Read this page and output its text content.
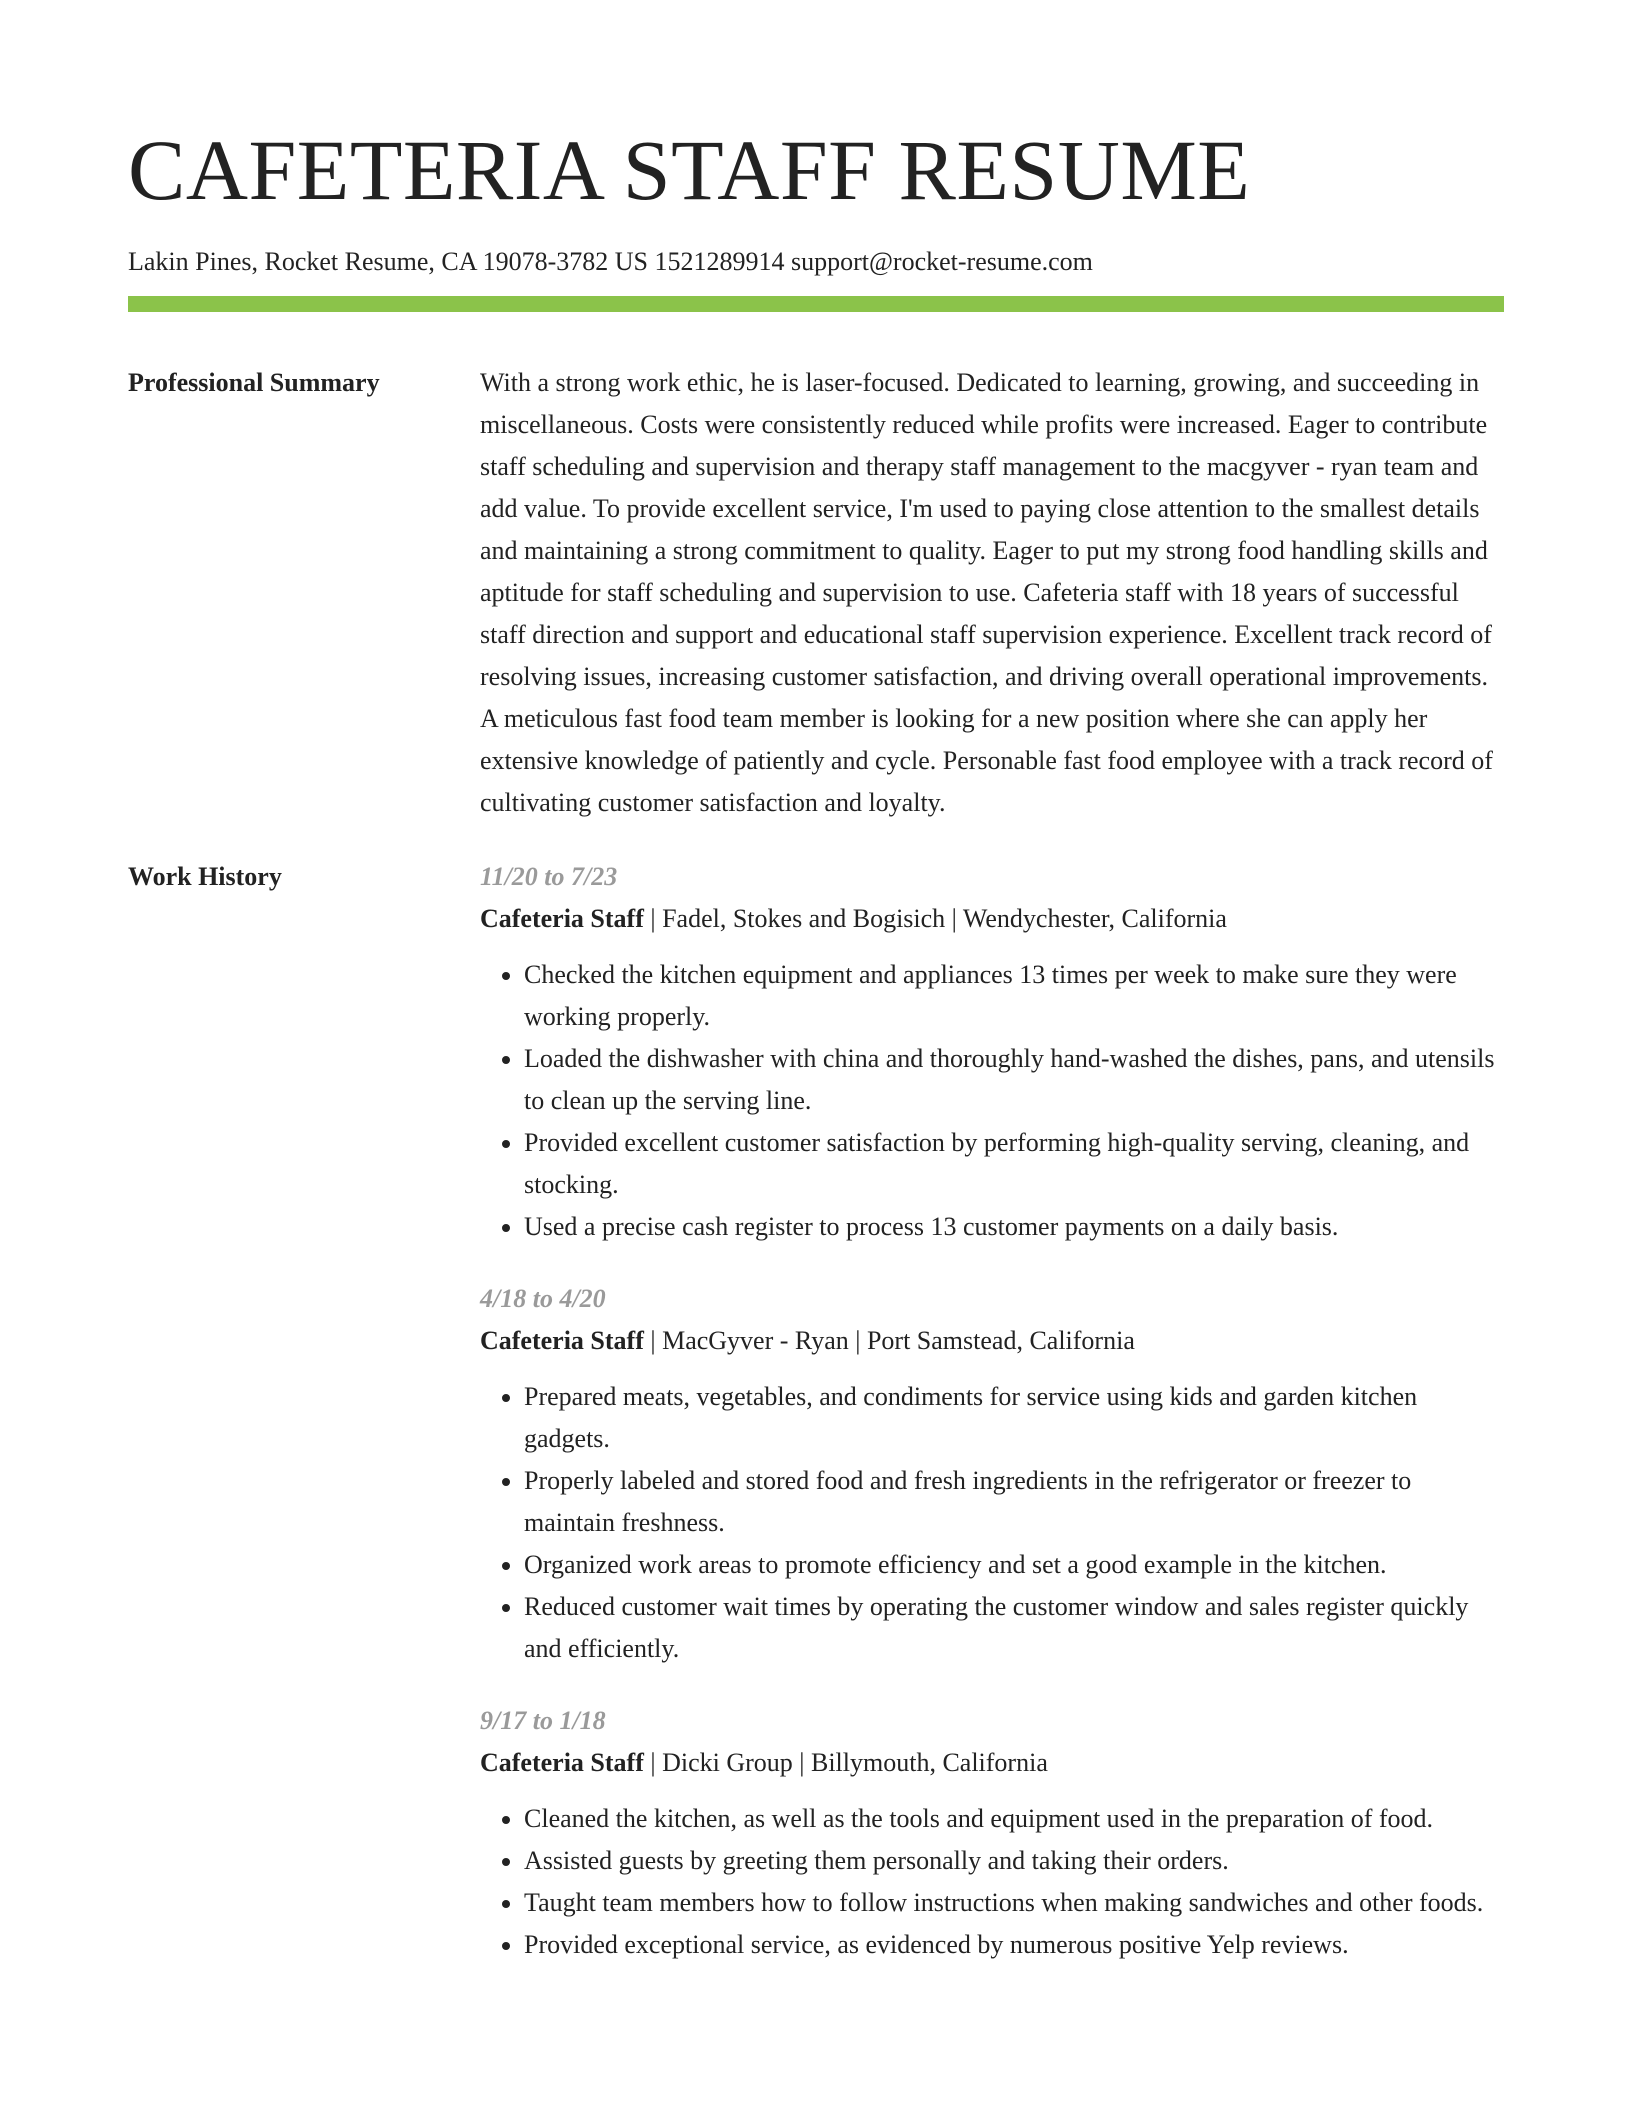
CAFETERIA STAFF RESUME
Lakin Pines, Rocket Resume, CA 19078-3782 US 1521289914 support@rocket-resume.com
Professional Summary	With a strong work ethic, he is laser-focused. Dedicated to learning, growing, and succeeding in miscellaneous. Costs were consistently reduced while profits were increased. Eager to contribute staff scheduling and supervision and therapy staff management to the macgyver - ryan team and add value. To provide excellent service, I'm used to paying close attention to the smallest details and maintaining a strong commitment to quality. Eager to put my strong food handling skills and aptitude for staff scheduling and supervision to use. Cafeteria staff with 18 years of successful staff direction and support and educational staff supervision experience. Excellent track record of resolving issues, increasing customer satisfaction, and driving overall operational improvements. A meticulous fast food team member is looking for a new position where she can apply her extensive knowledge of patiently and cycle. Personable fast food employee with a track record of cultivating customer satisfaction and loyalty.

Work History	11/20 to 7/23
Cafeteria Staff | Fadel, Stokes and Bogisich | Wendychester, California
• Checked the kitchen equipment and appliances 13 times per week to make sure they were working properly.
• Loaded the dishwasher with china and thoroughly hand-washed the dishes, pans, and utensils to clean up the serving line.
• Provided excellent customer satisfaction by performing high-quality serving, cleaning, and stocking.
• Used a precise cash register to process 13 customer payments on a daily basis.
4/18 to 4/20
Cafeteria Staff | MacGyver - Ryan | Port Samstead, California
• Prepared meats, vegetables, and condiments for service using kids and garden kitchen gadgets.
• Properly labeled and stored food and fresh ingredients in the refrigerator or freezer to maintain freshness.
• Organized work areas to promote efficiency and set a good example in the kitchen.
• Reduced customer wait times by operating the customer window and sales register quickly and efficiently.
9/17 to 1/18
Cafeteria Staff | Dicki Group | Billymouth, California
• Cleaned the kitchen, as well as the tools and equipment used in the preparation of food.
• Assisted guests by greeting them personally and taking their orders.
• Taught team members how to follow instructions when making sandwiches and other foods.
• Provided exceptional service, as evidenced by numerous positive Yelp reviews.
